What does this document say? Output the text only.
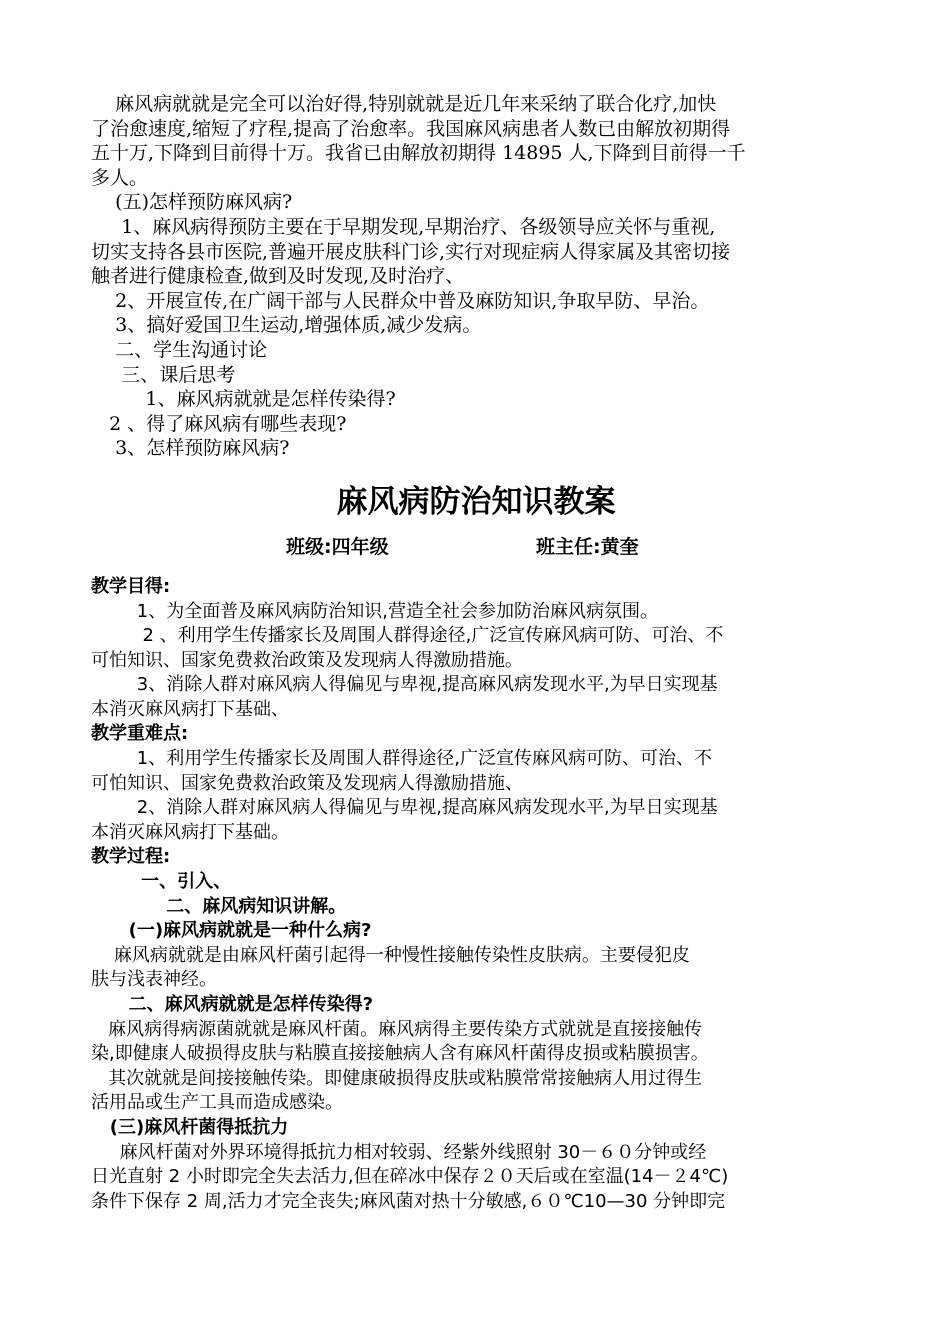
麻风病就就是完全可以治好得,特别就就是近几年来采纳了联合化疗,加快

了治愈速度,缩短了疗程,提高了治愈率。我国麻风病患者人数已由解放初期得

五十万,下降到目前得十万。我省已由解放初期得 14895 人,下降到目前得一千

多人。

(五)怎样预防麻风病?

1、麻风病得预防主要在于早期发现,早期治疗、各级领导应关怀与重视,

切实支持各县市医院,普遍开展皮肤科门诊,实行对现症病人得家属及其密切接

触者进行健康检查,做到及时发现,及时治疗、

2、开展宣传,在广阔干部与人民群众中普及麻防知识,争取早防、早治。

3、搞好爱国卫生运动,增强体质,减少发病。

二、学生沟通讨论

三、课后思考

1、麻风病就就是怎样传染得?

2 、得了麻风病有哪些表现?

3、怎样预防麻风病?

麻风病防治知识教案
班级:四年级	班主任:黄奎

教学目得:

1、为全面普及麻风病防治知识,营造全社会参加防治麻风病氛围。

2 、利用学生传播家长及周围人群得途径,广泛宣传麻风病可防、可治、不

可怕知识、国家免费救治政策及发现病人得激励措施。

3、消除人群对麻风病人得偏见与卑视,提高麻风病发现水平,为早日实现基

本消灭麻风病打下基础、

教学重难点:

1、利用学生传播家长及周围人群得途径,广泛宣传麻风病可防、可治、不

可怕知识、国家免费救治政策及发现病人得激励措施、

2、消除人群对麻风病人得偏见与卑视,提高麻风病发现水平,为早日实现基

本消灭麻风病打下基础。

教学过程:

一、引入、

二、麻风病知识讲解。

(一)麻风病就就是一种什么病?

麻风病就就是由麻风杆菌引起得一种慢性接触传染性皮肤病。主要侵犯皮

肤与浅表神经。

二、麻风病就就是怎样传染得?

麻风病得病源菌就就是麻风杆菌。麻风病得主要传染方式就就是直接接触传

染,即健康人破损得皮肤与粘膜直接接触病人含有麻风杆菌得皮损或粘膜损害。

其次就就是间接接触传染。即健康破损得皮肤或粘膜常常接触病人用过得生

活用品或生产工具而造成感染。

(三)麻风杆菌得抵抗力

麻风杆菌对外界环境得抵抗力相对较弱、经紫外线照射 30－６０分钟或经

日光直射 2 小时即完全失去活力,但在碎冰中保存２０天后或在室温(14－２4℃)

条件下保存 2 周,活力才完全丧失;麻风菌对热十分敏感,６０℃10—30 分钟即完
